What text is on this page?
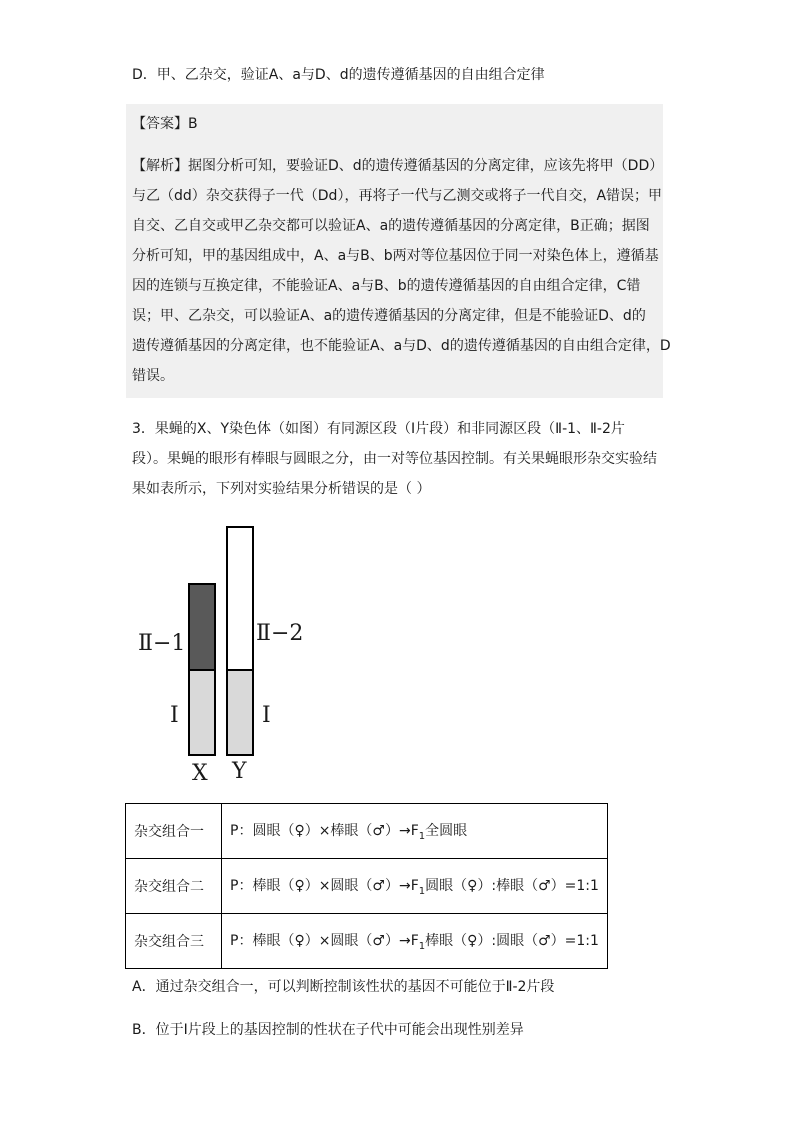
D．甲、乙杂交，验证A、a与D、d的遗传遵循基因的自由组合定律
【答案】B
【解析】据图分析可知，要验证D、d的遗传遵循基因的分离定律，应该先将甲（DD）
与乙（dd）杂交获得子一代（Dd），再将子一代与乙测交或将子一代自交，A错误；甲
自交、乙自交或甲乙杂交都可以验证A、a的遗传遵循基因的分离定律，B正确；据图
分析可知，甲的基因组成中，A、a与B、b两对等位基因位于同一对染色体上，遵循基
因的连锁与互换定律，不能验证A、a与B、b的遗传遵循基因的自由组合定律，C错
误；甲、乙杂交，可以验证A、a的遗传遵循基因的分离定律，但是不能验证D、d的
遗传遵循基因的分离定律，也不能验证A、a与D、d的遗传遵循基因的自由组合定律，D
错误。
3．果蝇的X、Y染色体（如图）有同源区段（Ⅰ片段）和非同源区段（Ⅱ-1、Ⅱ-2片
段）。果蝇的眼形有棒眼与圆眼之分，由一对等位基因控制。有关果蝇眼形杂交实验结
果如表所示，下列对实验结果分析错误的是（ ）
Ⅱ−1	Ⅱ−2
I	I
X Y
杂交组合一	P：圆眼（♀）×棒眼$(♂)\to F_1$全圆眼
杂交组合二	P：棒眼（♀）×圆眼$(♂)\to F_1$圆眼（♀）:棒眼（♂）=1:1
杂交组合三	P：棒眼（♀）×圆眼$(♂)\to F_1$棒眼（♀）:圆眼（♂）=1:1
A．通过杂交组合一，可以判断控制该性状的基因不可能位于Ⅱ-2片段
B．位于Ⅰ片段上的基因控制的性状在子代中可能会出现性别差异
